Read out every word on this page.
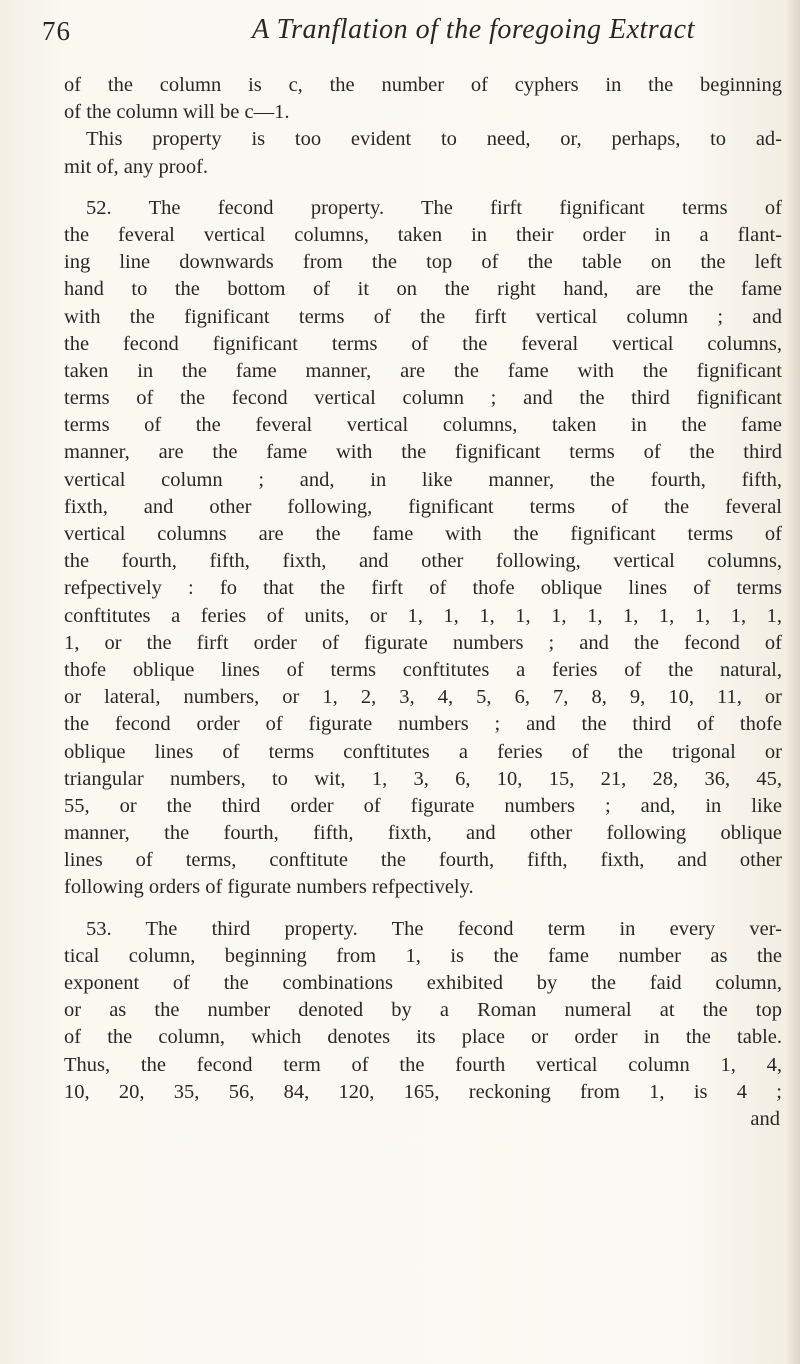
76	A Tranflation of the foregoing Extract
of the column is c, the number of cyphers in the beginning
of the column will be c—1.
This property is too evident to need, or, perhaps, to ad-
mit of, any proof.
52. The fecond property. The firft fignificant terms of
the feveral vertical columns, taken in their order in a flant-
ing line downwards from the top of the table on the left
hand to the bottom of it on the right hand, are the fame
with the fignificant terms of the firft vertical column ; and
the fecond fignificant terms of the feveral vertical columns,
taken in the fame manner, are the fame with the fignificant
terms of the fecond vertical column ; and the third fignificant
terms of the feveral vertical columns, taken in the fame
manner, are the fame with the fignificant terms of the third
vertical column ; and, in like manner, the fourth, fifth,
fixth, and other following, fignificant terms of the feveral
vertical columns are the fame with the fignificant terms of
the fourth, fifth, fixth, and other following, vertical columns,
refpectively : fo that the firft of thofe oblique lines of terms
conftitutes a feries of units, or 1, 1, 1, 1, 1, 1, 1, 1, 1, 1, 1,
1, or the firft order of figurate numbers ; and the fecond of
thofe oblique lines of terms conftitutes a feries of the natural,
or lateral, numbers, or 1, 2, 3, 4, 5, 6, 7, 8, 9, 10, 11, or
the fecond order of figurate numbers ; and the third of thofe
oblique lines of terms conftitutes a feries of the trigonal or
triangular numbers, to wit, 1, 3, 6, 10, 15, 21, 28, 36, 45,
55, or the third order of figurate numbers ; and, in like
manner, the fourth, fifth, fixth, and other following oblique
lines of terms, conftitute the fourth, fifth, fixth, and other
following orders of figurate numbers refpectively.
53. The third property. The fecond term in every ver-
tical column, beginning from 1, is the fame number as the
exponent of the combinations exhibited by the faid column,
or as the number denoted by a Roman numeral at the top
of the column, which denotes its place or order in the table.
Thus, the fecond term of the fourth vertical column 1, 4,
10, 20, 35, 56, 84, 120, 165, reckoning from 1, is 4 ;
and
